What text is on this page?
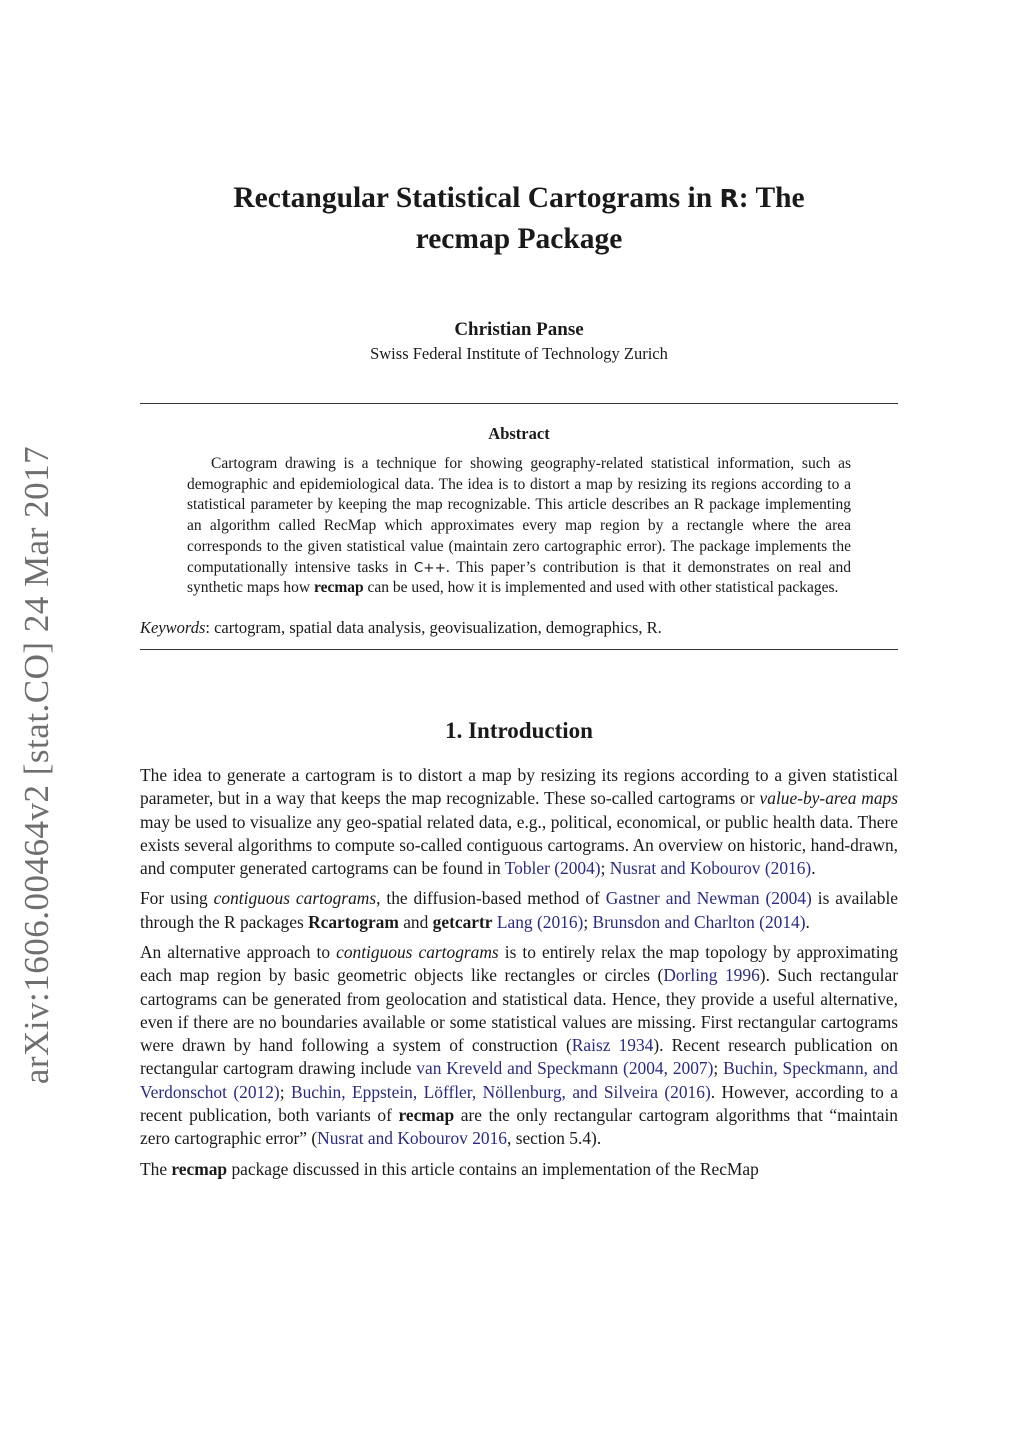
arXiv:1606.00464v2 [stat.CO] 24 Mar 2017
Rectangular Statistical Cartograms in R: The
recmap Package
Christian Panse
Swiss Federal Institute of Technology Zurich
Abstract

Cartogram drawing is a technique for showing geography-related statistical information, such as demographic and epidemiological data. The idea is to distort a map by resizing its regions according to a statistical parameter by keeping the map recognizable. This article describes an R package implementing an algorithm called RecMap which approximates every map region by a rectangle where the area corresponds to the given statistical value (maintain zero cartographic error). The package implements the computationally intensive tasks in C++. This paper’s contribution is that it demonstrates on real and synthetic maps how recmap can be used, how it is implemented and used with other statistical packages.

Keywords: cartogram, spatial data analysis, geovisualization, demographics, R.
1. Introduction

The idea to generate a cartogram is to distort a map by resizing its regions according to a given statistical parameter, but in a way that keeps the map recognizable. These so-called cartograms or value-by-area maps may be used to visualize any geo-spatial related data, e.g., political, economical, or public health data. There exists several algorithms to compute so-called contiguous cartograms. An overview on historic, hand-drawn, and computer generated cartograms can be found in Tobler (2004); Nusrat and Kobourov (2016).

For using contiguous cartograms, the diffusion-based method of Gastner and Newman (2004) is available through the R packages Rcartogram and getcartr Lang (2016); Brunsdon and Charlton (2014).

An alternative approach to contiguous cartograms is to entirely relax the map topology by approximating each map region by basic geometric objects like rectangles or circles (Dorling 1996). Such rectangular cartograms can be generated from geolocation and statistical data. Hence, they provide a useful alternative, even if there are no boundaries available or some statistical values are missing. First rectangular cartograms were drawn by hand following a system of construction (Raisz 1934). Recent research publication on rectangular cartogram drawing include van Kreveld and Speckmann (2004, 2007); Buchin, Speckmann, and Verdonschot (2012); Buchin, Eppstein, Löffler, Nöllenburg, and Silveira (2016). However, according to a recent publication, both variants of recmap are the only rectangular cartogram algorithms that “maintain zero cartographic error” (Nusrat and Kobourov 2016, section 5.4).

The recmap package discussed in this article contains an implementation of the RecMap
